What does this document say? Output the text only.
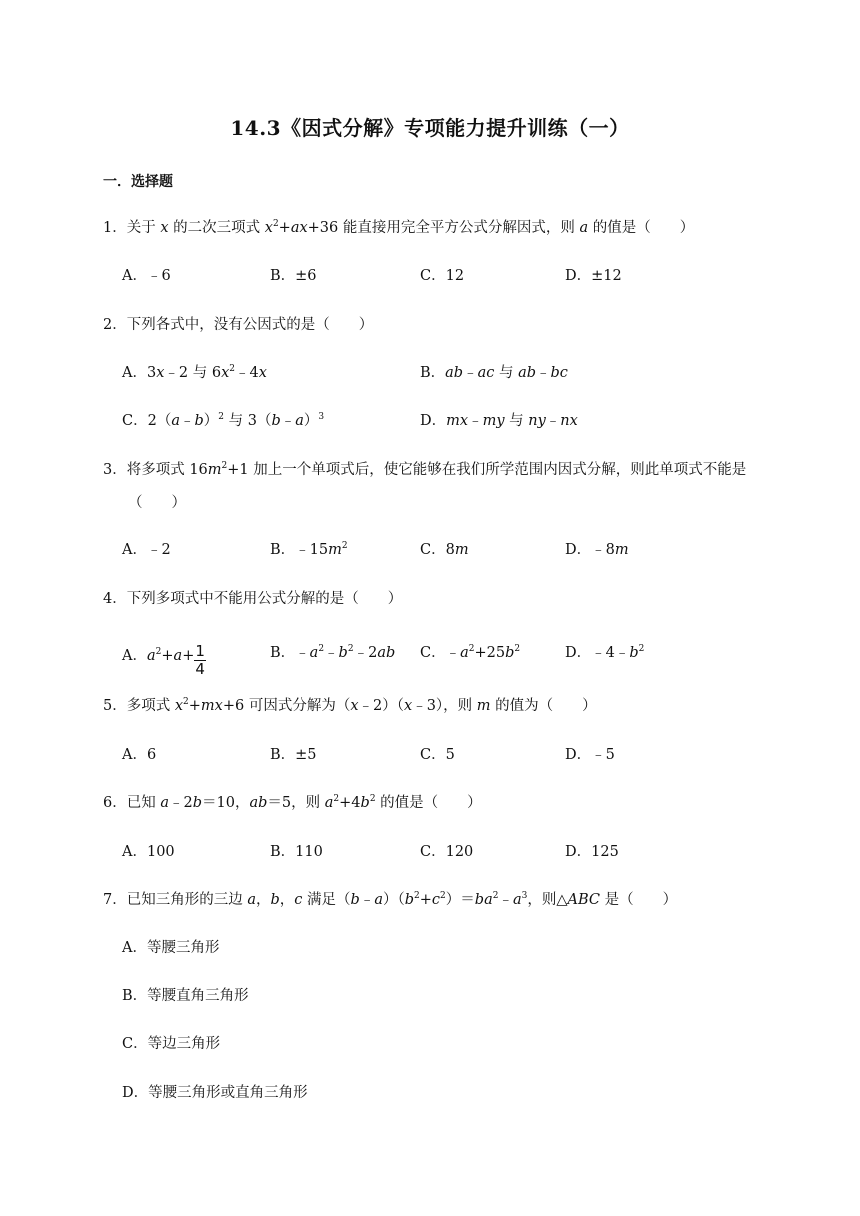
14.3《因式分解》专项能力提升训练（一）
一．选择题
1．关于 x 的二次三项式 $x^2+ax+36$ 能直接用完全平方公式分解因式，则 a 的值是（　　）
A．﹣6	B．±6	C．12	D．±12
2．下列各式中，没有公因式的是（　　）
A．3x﹣2 与 $6x^2﹣4x$	B．ab﹣ac 与 ab﹣bc
C．2（a﹣b）$^2$ 与 3（b﹣a）$^3$	D．mx﹣my 与 ny﹣nx
3．将多项式 $16m^2+1$ 加上一个单项式后，使它能够在我们所学范围内因式分解，则此单项式不能是
（　　）
A．﹣2	B．$﹣15m^2$	C．8m	D．﹣8m
4．下列多项式中不能用公式分解的是（　　）
A．$a^2+a+ \frac{1}{4}$	B．$﹣a^2﹣b^2﹣2ab$ C．$﹣a^2+25b^2$	D．$﹣4﹣b^2$
5．多项式 $x^2+mx+6$ 可因式分解为（x﹣2）（x﹣3），则 m 的值为（　　）
A．6	B．±5	C．5	D．﹣5
6．已知 a﹣2b＝10，ab＝5，则 $a^2+4b^2$ 的值是（　　）
A．100	B．110	C．120	D．125
7．已知三角形的三边 a，b，c 满足$(b﹣a)(b^2+c^2)=ba^2﹣a^3$，则△ABC 是（　　）
A．等腰三角形
B．等腰直角三角形
C．等边三角形
D．等腰三角形或直角三角形
